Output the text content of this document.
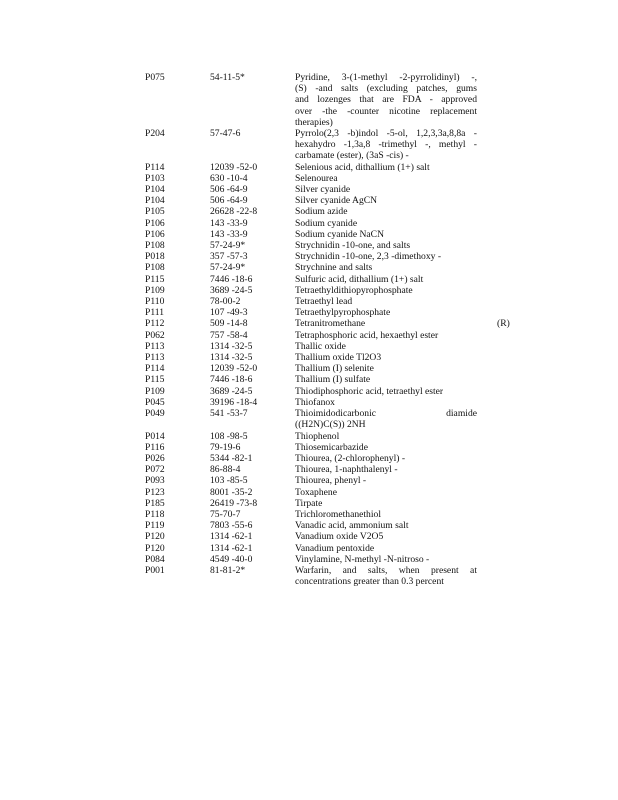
P075	54-11-5*	Pyridine, 3-(1-methyl -2-pyrrolidinyl) -,
(S) -and salts (excluding patches, gums
and lozenges that are FDA - approved
over -the -counter nicotine replacement
therapies)
P204	57-47-6	Pyrrolo(2,3 -b)indol -5-ol, 1,2,3,3a,8,8a -
hexahydro -1,3a,8 -trimethyl -, methyl -
carbamate (ester), (3aS -cis) -
P114	12039 -52-0	Selenious acid, dithallium (1+) salt
P103	630 -10-4	Selenourea
P104	506 -64-9	Silver cyanide
P104	506 -64-9	Silver cyanide AgCN
P105	26628 -22-8	Sodium azide
P106	143 -33-9	Sodium cyanide
P106	143 -33-9	Sodium cyanide NaCN
P108	57-24-9*	Strychnidin -10-one, and salts
P018	357 -57-3	Strychnidin -10-one, 2,3 -dimethoxy -
P108	57-24-9*	Strychnine and salts
P115	7446 -18-6	Sulfuric acid, dithallium (1+) salt
P109	3689 -24-5	Tetraethyldithiopyrophosphate
P110	78-00-2	Tetraethyl lead
P111	107 -49-3	Tetraethylpyrophosphate
P112	509 -14-8	Tetranitromethane	(R)
P062	757 -58-4	Tetraphosphoric acid, hexaethyl ester
P113	1314 -32-5	Thallic oxide
P113	1314 -32-5	Thallium oxide Tl2O3
P114	12039 -52-0	Thallium (I) selenite
P115	7446 -18-6	Thallium (I) sulfate
P109	3689 -24-5	Thiodiphosphoric acid, tetraethyl ester
P045	39196 -18-4	Thiofanox
P049	541 -53-7	Thioimidodicarbonic diamide
((H2N)C(S)) 2NH
P014	108 -98-5	Thiophenol
P116	79-19-6	Thiosemicarbazide
P026	5344 -82-1	Thiourea, (2-chlorophenyl) -
P072	86-88-4	Thiourea, 1-naphthalenyl -
P093	103 -85-5	Thiourea, phenyl -
P123	8001 -35-2	Toxaphene
P185	26419 -73-8	Tirpate
P118	75-70-7	Trichloromethanethiol
P119	7803 -55-6	Vanadic acid, ammonium salt
P120	1314 -62-1	Vanadium oxide V2O5
P120	1314 -62-1	Vanadium pentoxide
P084	4549 -40-0	Vinylamine, N-methyl -N-nitroso -
P001	81-81-2*	Warfarin, and salts, when present at
concentrations greater than 0.3 percent
